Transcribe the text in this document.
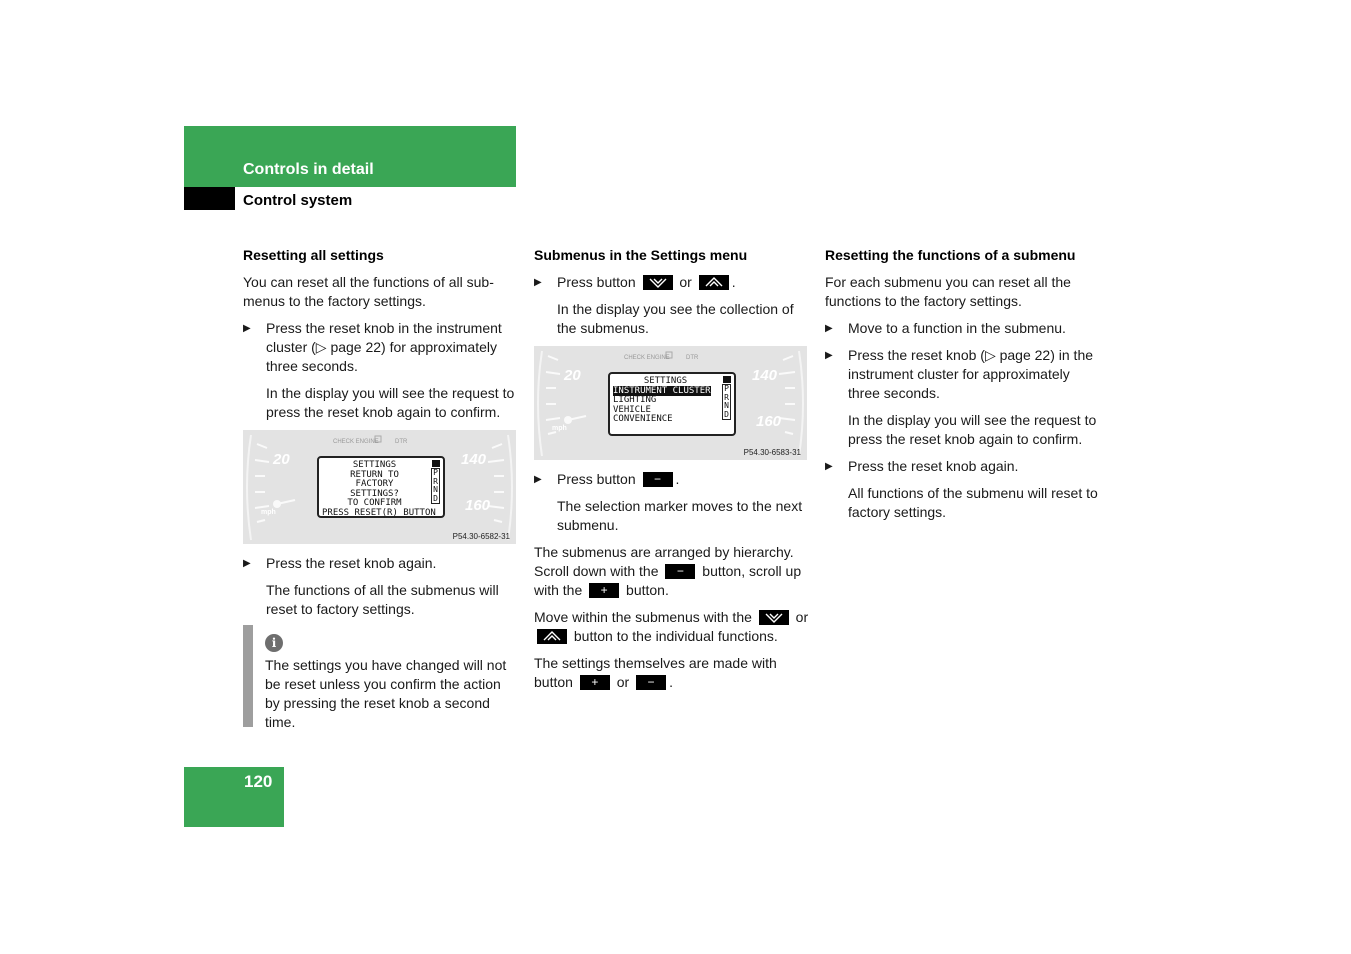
Controls in detail
Control system
Resetting all settings

You can reset all the functions of all sub-menus to the factory settings.

▶ Press the reset knob in the instrument cluster (▷ page 22) for approximately three seconds.

In the display you will see the request to press the reset knob again to confirm.

CHECK ENGINE	DTR
20	140
160
mph
SETTINGS
RETURN TO
FACTORY
SETTINGS?
TO CONFIRM
PRESS RESET(R) BUTTON
P
R
N
D
P54.30-6582-31
▶ Press the reset knob again.

The functions of all the submenus will reset to factory settings.

i

The settings you have changed will not be reset unless you confirm the action by pressing the reset knob a second time.

Submenus in the Settings menu
▶ Press button	or	.

In the display you see the collection of the submenus.

CHECK ENGINE	DTR
20	140
160
mph
SETTINGS
INSTRUMENT CLUSTER
LIGHTING
VEHICLE
CONVENIENCE
P
R
N
D
P54.30-6583-31
▶ Press button − .

The selection marker moves to the next submenu.

The submenus are arranged by hierarchy. Scroll down with the − button, scroll up with the + button.

Move within the submenus with the	or
button to the individual functions.

The settings themselves are made with button + or − .

Resetting the functions of a submenu

For each submenu you can reset all the functions to the factory settings.

▶ Move to a function in the submenu.
▶ Press the reset knob (▷ page 22) in the instrument cluster for approximately three seconds.

In the display you will see the request to press the reset knob again to confirm.

▶ Press the reset knob again.

All functions of the submenu will reset to factory settings.

120
